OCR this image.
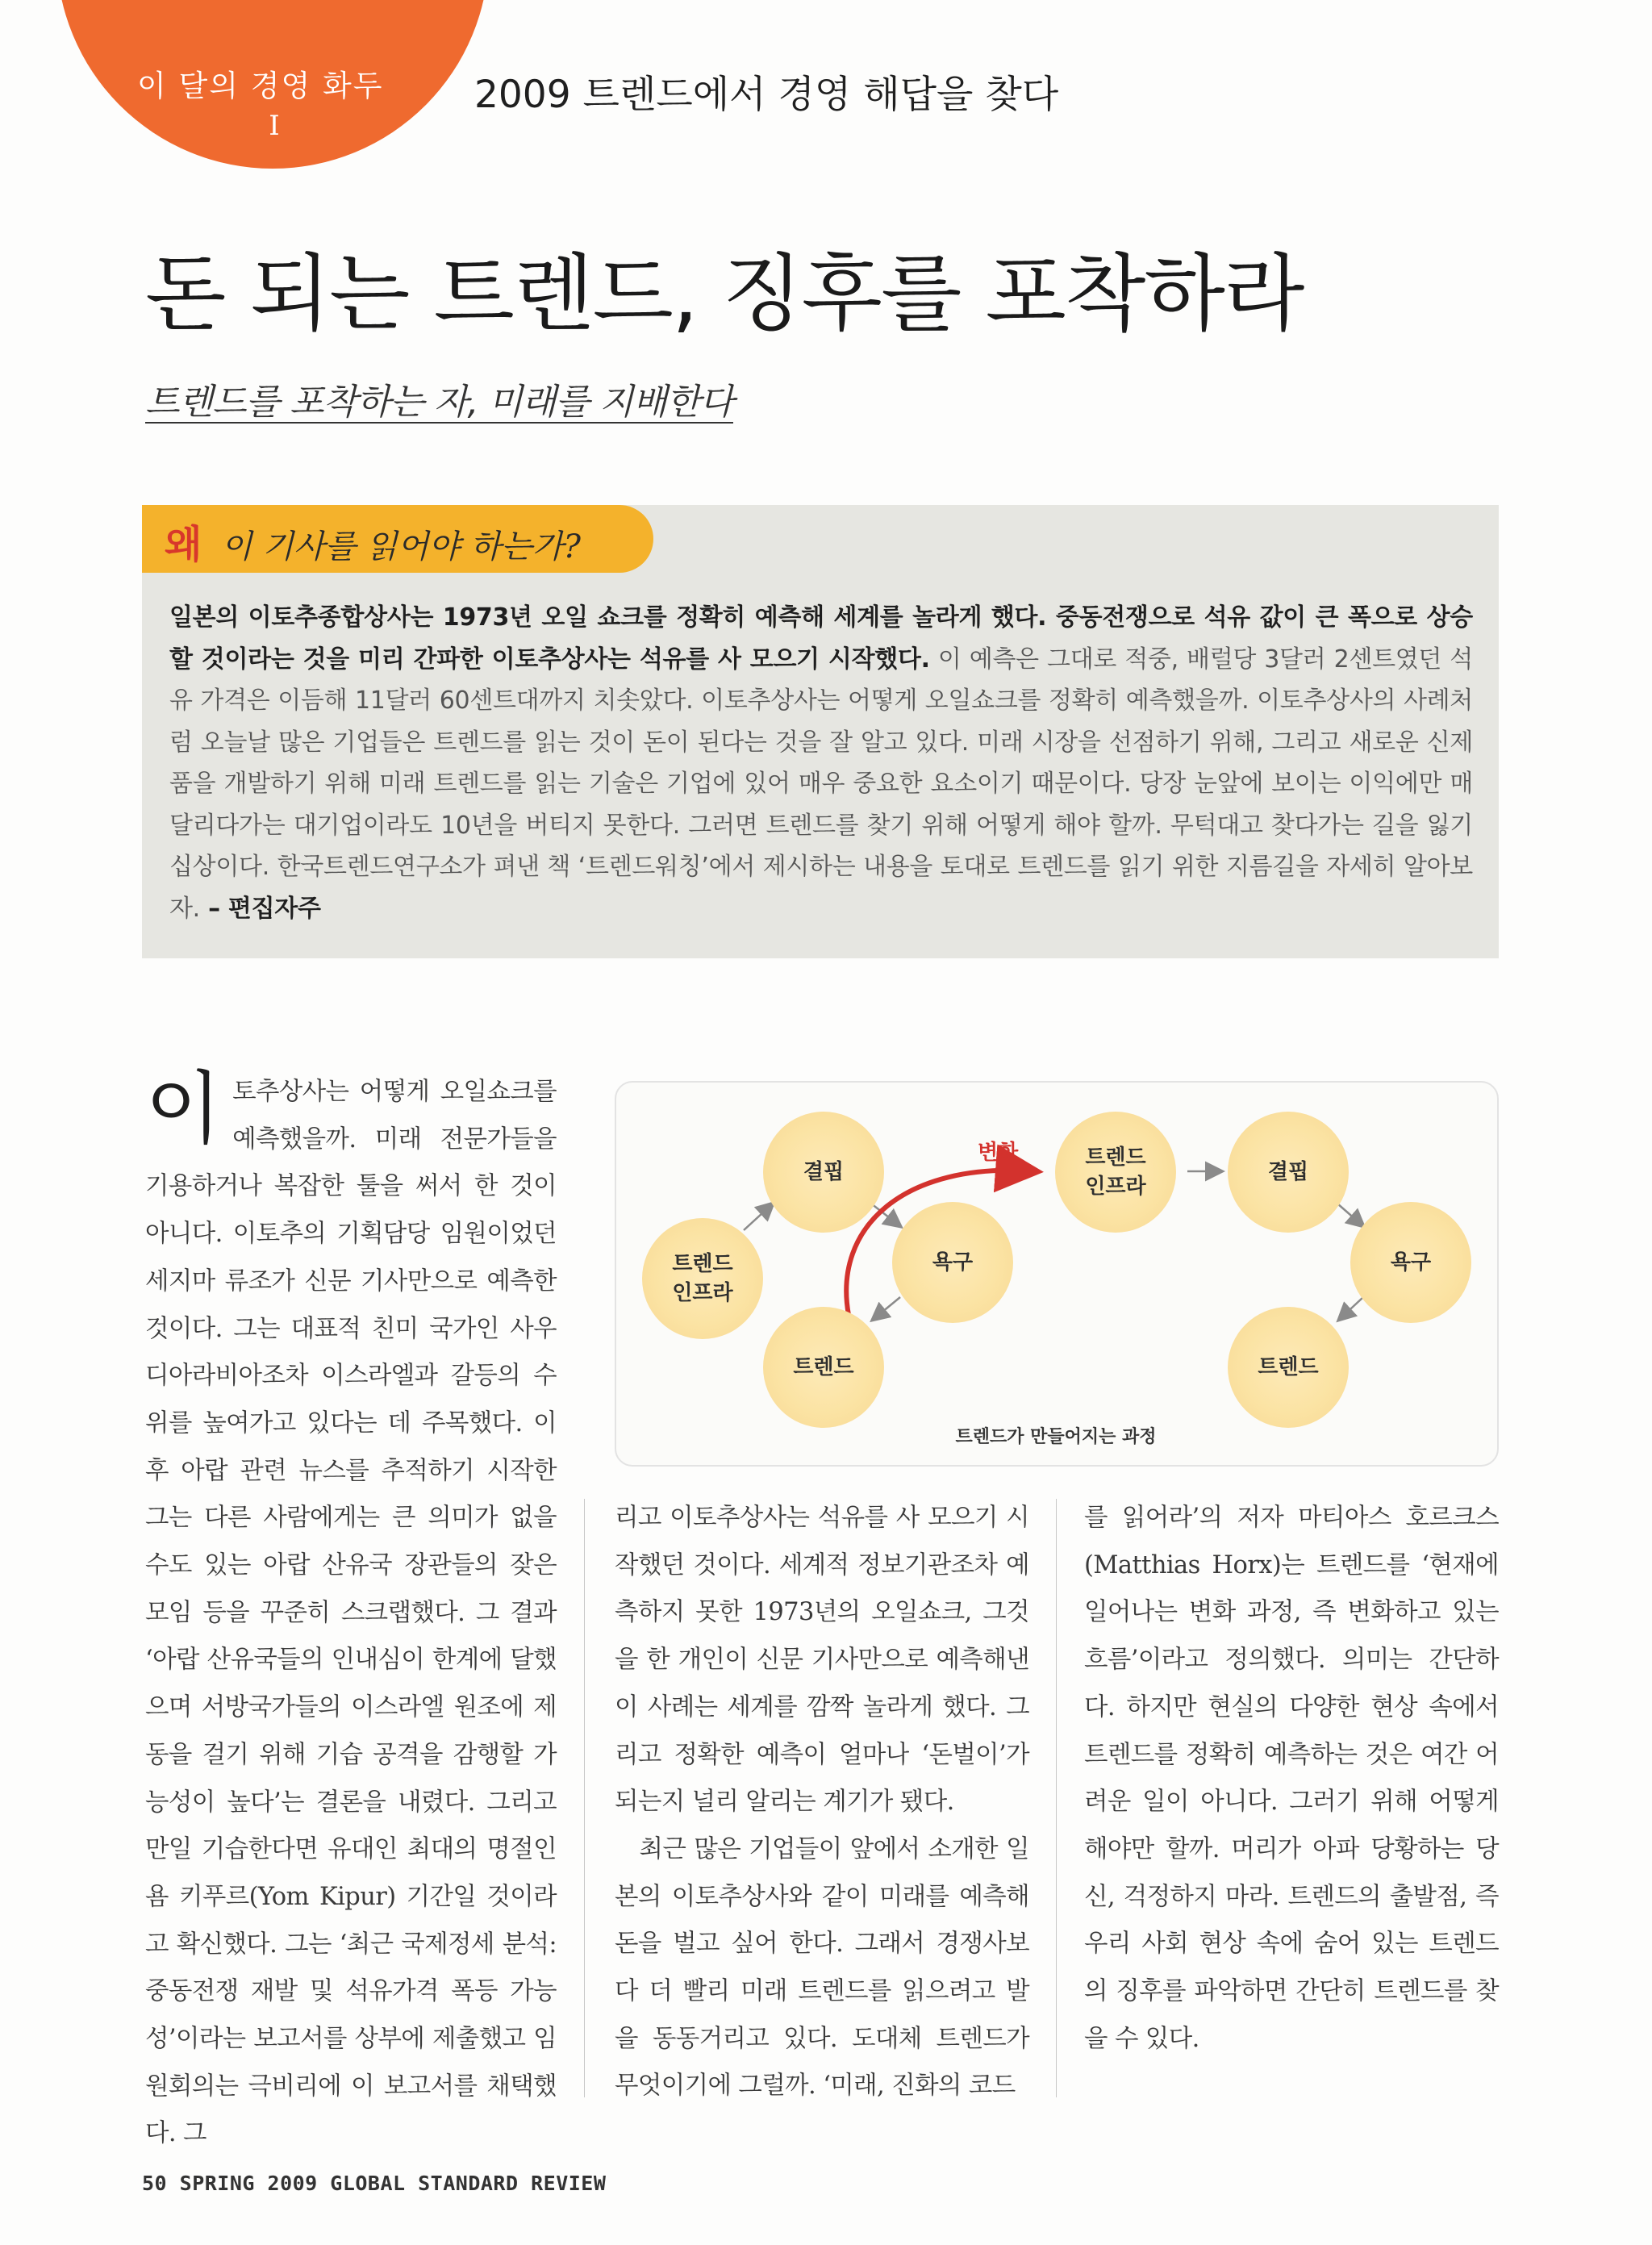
이 달의 경영 화두
I
2009 트렌드에서 경영 해답을 찾다
돈 되는 트렌드, 징후를 포착하라
트렌드를 포착하는 자, 미래를 지배한다
왜 이 기사를 읽어야 하는가?
일본의 이토추종합상사는 1973년 오일 쇼크를 정확히 예측해 세계를 놀라게 했다. 중동전쟁으로 석유 값이 큰 폭으로 상승할 것이라는 것을 미리 간파한 이토추상사는 석유를 사 모으기 시작했다. 이 예측은 그대로 적중, 배럴당 3달러 2센트였던 석유 가격은 이듬해 11달러 60센트대까지 치솟았다. 이토추상사는 어떻게 오일쇼크를 정확히 예측했을까. 이토추상사의 사례처럼 오늘날 많은 기업들은 트렌드를 읽는 것이 돈이 된다는 것을 잘 알고 있다. 미래 시장을 선점하기 위해, 그리고 새로운 신제품을 개발하기 위해 미래 트렌드를 읽는 기술은 기업에 있어 매우 중요한 요소이기 때문이다. 당장 눈앞에 보이는 이익에만 매달리다가는 대기업이라도 10년을 버티지 못한다. 그러면 트렌드를 찾기 위해 어떻게 해야 할까. 무턱대고 찾다가는 길을 잃기 십상이다. 한국트렌드연구소가 펴낸 책 ‘트렌드워칭’에서 제시하는 내용을 토대로 트렌드를 읽기 위한 지름길을 자세히 알아보자. – 편집자주
이토추상사는 어떻게 오일쇼크를 예측했을까. 미래 전문가들을 기용하거나 복잡한 툴을 써서 한 것이 아니다. 이토추의 기획담당 임원이었던 세지마 류조가 신문 기사만으로 예측한 것이다. 그는 대표적 친미 국가인 사우디아라비아조차 이스라엘과 갈등의 수위를 높여가고 있다는 데 주목했다. 이후 아랍 관련 뉴스를 추적하기 시작한 그는 다른 사람에게는 큰 의미가 없을 수도 있는 아랍 산유국 장관들의 잦은 모임 등을 꾸준히 스크랩했다. 그 결과 ‘아랍 산유국들의 인내심이 한계에 달했으며 서방국가들의 이스라엘 원조에 제동을 걸기 위해 기습 공격을 감행할 가능성이 높다’는 결론을 내렸다. 그리고 만일 기습한다면 유대인 최대의 명절인 욤 키푸르(Yom Kipur) 기간일 것이라고 확신했다. 그는 ‘최근 국제정세 분석:중동전쟁 재발 및 석유가격 폭등 가능성’이라는 보고서를 상부에 제출했고 임원회의는 극비리에 이 보고서를 채택했다. 그
결핍
트렌드
인프라
욕구
트렌드
트렌드
인프라
결핍
욕구
트렌드
변화
트렌드가 만들어지는 과정
리고 이토추상사는 석유를 사 모으기 시작했던 것이다. 세계적 정보기관조차 예측하지 못한 1973년의 오일쇼크, 그것을 한 개인이 신문 기사만으로 예측해낸 이 사례는 세계를 깜짝 놀라게 했다. 그리고 정확한 예측이 얼마나 ‘돈벌이’가 되는지 널리 알리는 계기가 됐다.
최근 많은 기업들이 앞에서 소개한 일본의 이토추상사와 같이 미래를 예측해 돈을 벌고 싶어 한다. 그래서 경쟁사보다 더 빨리 미래 트렌드를 읽으려고 발을 동동거리고 있다. 도대체 트렌드가 무엇이기에 그럴까. ‘미래, 진화의 코드
를 읽어라’의 저자 마티아스 호르크스(Matthias Horx)는 트렌드를 ‘현재에 일어나는 변화 과정, 즉 변화하고 있는 흐름’이라고 정의했다. 의미는 간단하다. 하지만 현실의 다양한 현상 속에서 트렌드를 정확히 예측하는 것은 여간 어려운 일이 아니다. 그러기 위해 어떻게 해야만 할까. 머리가 아파 당황하는 당신, 걱정하지 마라. 트렌드의 출발점, 즉 우리 사회 현상 속에 숨어 있는 트렌드의 징후를 파악하면 간단히 트렌드를 찾을 수 있다.
50 SPRING 2009 GLOBAL STANDARD REVIEW
